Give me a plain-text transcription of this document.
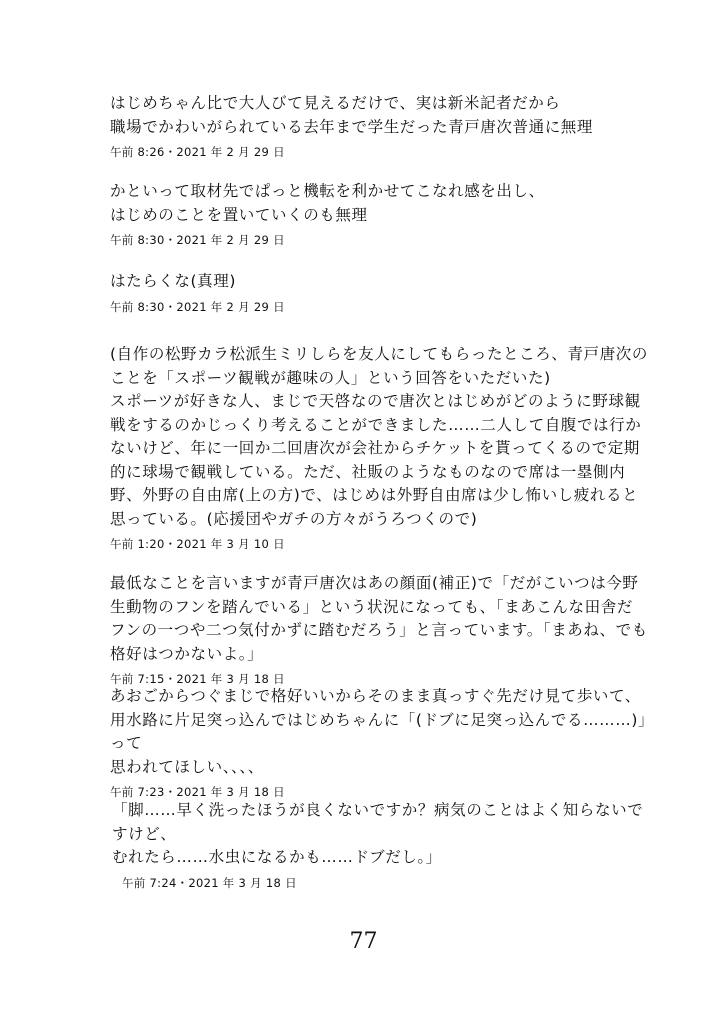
はじめちゃん比で大人びて見えるだけで、実は新米記者だから
職場でかわいがられている去年まで学生だった青戸唐次普通に無理
午前 8:26・2021 年 2 月 29 日
かといって取材先でぱっと機転を利かせてこなれ感を出し、
はじめのことを置いていくのも無理
午前 8:30・2021 年 2 月 29 日
はたらくな(真理)
午前 8:30・2021 年 2 月 29 日
(自作の松野カラ松派生ミリしらを友人にしてもらったところ、青戸唐次のことを「スポーツ観戦が趣味の人」という回答をいただいた)
スポーツが好きな人、まじで天啓なので唐次とはじめがどのように野球観戦をするのかじっくり考えることができました……二人して自腹では行かないけど、年に一回か二回唐次が会社からチケットを貰ってくるので定期的に球場で観戦している。ただ、社販のようなものなので席は一塁側内野、外野の自由席(上の方)で、はじめは外野自由席は少し怖いし疲れると思っている。(応援団やガチの方々がうろつくので)
午前 1:20・2021 年 3 月 10 日
最低なことを言いますが青戸唐次はあの顔面(補正)で「だがこいつは今野生動物のフンを踏んでいる」という状況になっても、「まあこんな田舎だ　フンの一つや二つ気付かずに踏むだろう」と言っています。「まあね、でも格好はつかないよ。」
午前 7:15・2021 年 3 月 18 日
あおごからつぐまじで格好いいからそのまま真っすぐ先だけ見て歩いて、
用水路に片足突っ込んではじめちゃんに「(ドブに足突っ込んでる………)」って
思われてほしい、、、、
午前 7:23・2021 年 3 月 18 日
「脚……早く洗ったほうが良くないですか？病気のことはよく知らないですけど、
むれたら……水虫になるかも……ドブだし。」
午前 7:24・2021 年 3 月 18 日
77
